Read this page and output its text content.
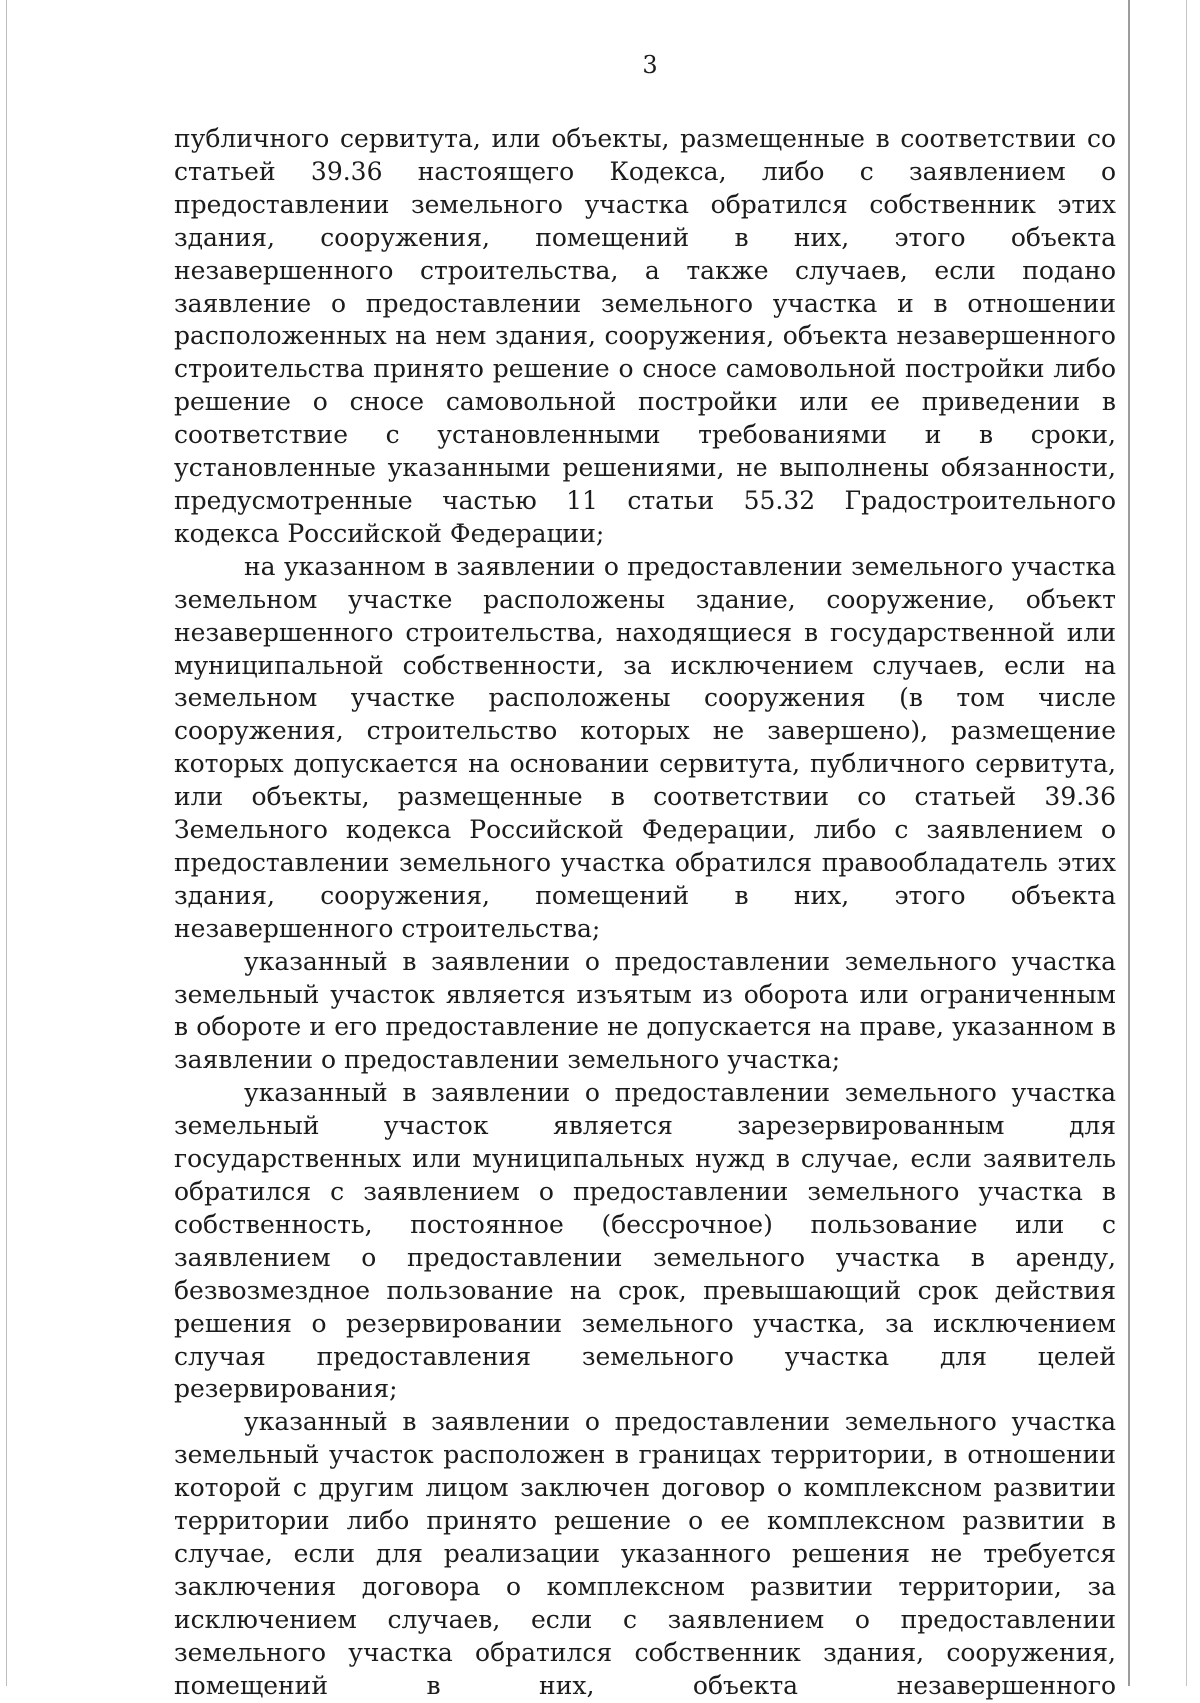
3

публичного сервитута, или объекты, размещенные в соответствии со статьей 39.36 настоящего Кодекса, либо с заявлением о предоставлении земельного участка обратился собственник этих здания, сооружения, помещений в них, этого объекта незавершенного строительства, а также случаев, если подано заявление о предоставлении земельного участка и в отношении расположенных на нем здания, сооружения, объекта незавершенного строительства принято решение о сносе самовольной постройки либо решение о сносе самовольной постройки или ее приведении в соответствие с установленными требованиями и в сроки, установленные указанными решениями, не выполнены обязанности, предусмотренные частью 11 статьи 55.32 Градостроительного кодекса Российской Федерации;

на указанном в заявлении о предоставлении земельного участка земельном участке расположены здание, сооружение, объект незавершенного строительства, находящиеся в государственной или муниципальной собственности, за исключением случаев, если на земельном участке расположены сооружения (в том числе сооружения, строительство которых не завершено), размещение которых допускается на основании сервитута, публичного сервитута, или объекты, размещенные в соответствии со статьей 39.36 Земельного кодекса Российской Федерации, либо с заявлением о предоставлении земельного участка обратился правообладатель этих здания, сооружения, помещений в них, этого объекта незавершенного строительства;

указанный в заявлении о предоставлении земельного участка земельный участок является изъятым из оборота или ограниченным в обороте и его предоставление не допускается на праве, указанном в заявлении о предоставлении земельного участка;

указанный в заявлении о предоставлении земельного участка земельный участок является зарезервированным для государственных или муниципальных нужд в случае, если заявитель обратился с заявлением о предоставлении земельного участка в собственность, постоянное (бессрочное) пользование или с заявлением о предоставлении земельного участка в аренду, безвозмездное пользование на срок, превышающий срок действия решения о резервировании земельного участка, за исключением случая предоставления земельного участка для целей резервирования;

указанный в заявлении о предоставлении земельного участка земельный участок расположен в границах территории, в отношении которой с другим лицом заключен договор о комплексном развитии территории либо принято решение о ее комплексном развитии в случае, если для реализации указанного решения не требуется заключения договора о комплексном развитии территории, за исключением случаев, если с заявлением о предоставлении земельного участка обратился собственник здания, сооружения, помещений в них, объекта незавершенного
